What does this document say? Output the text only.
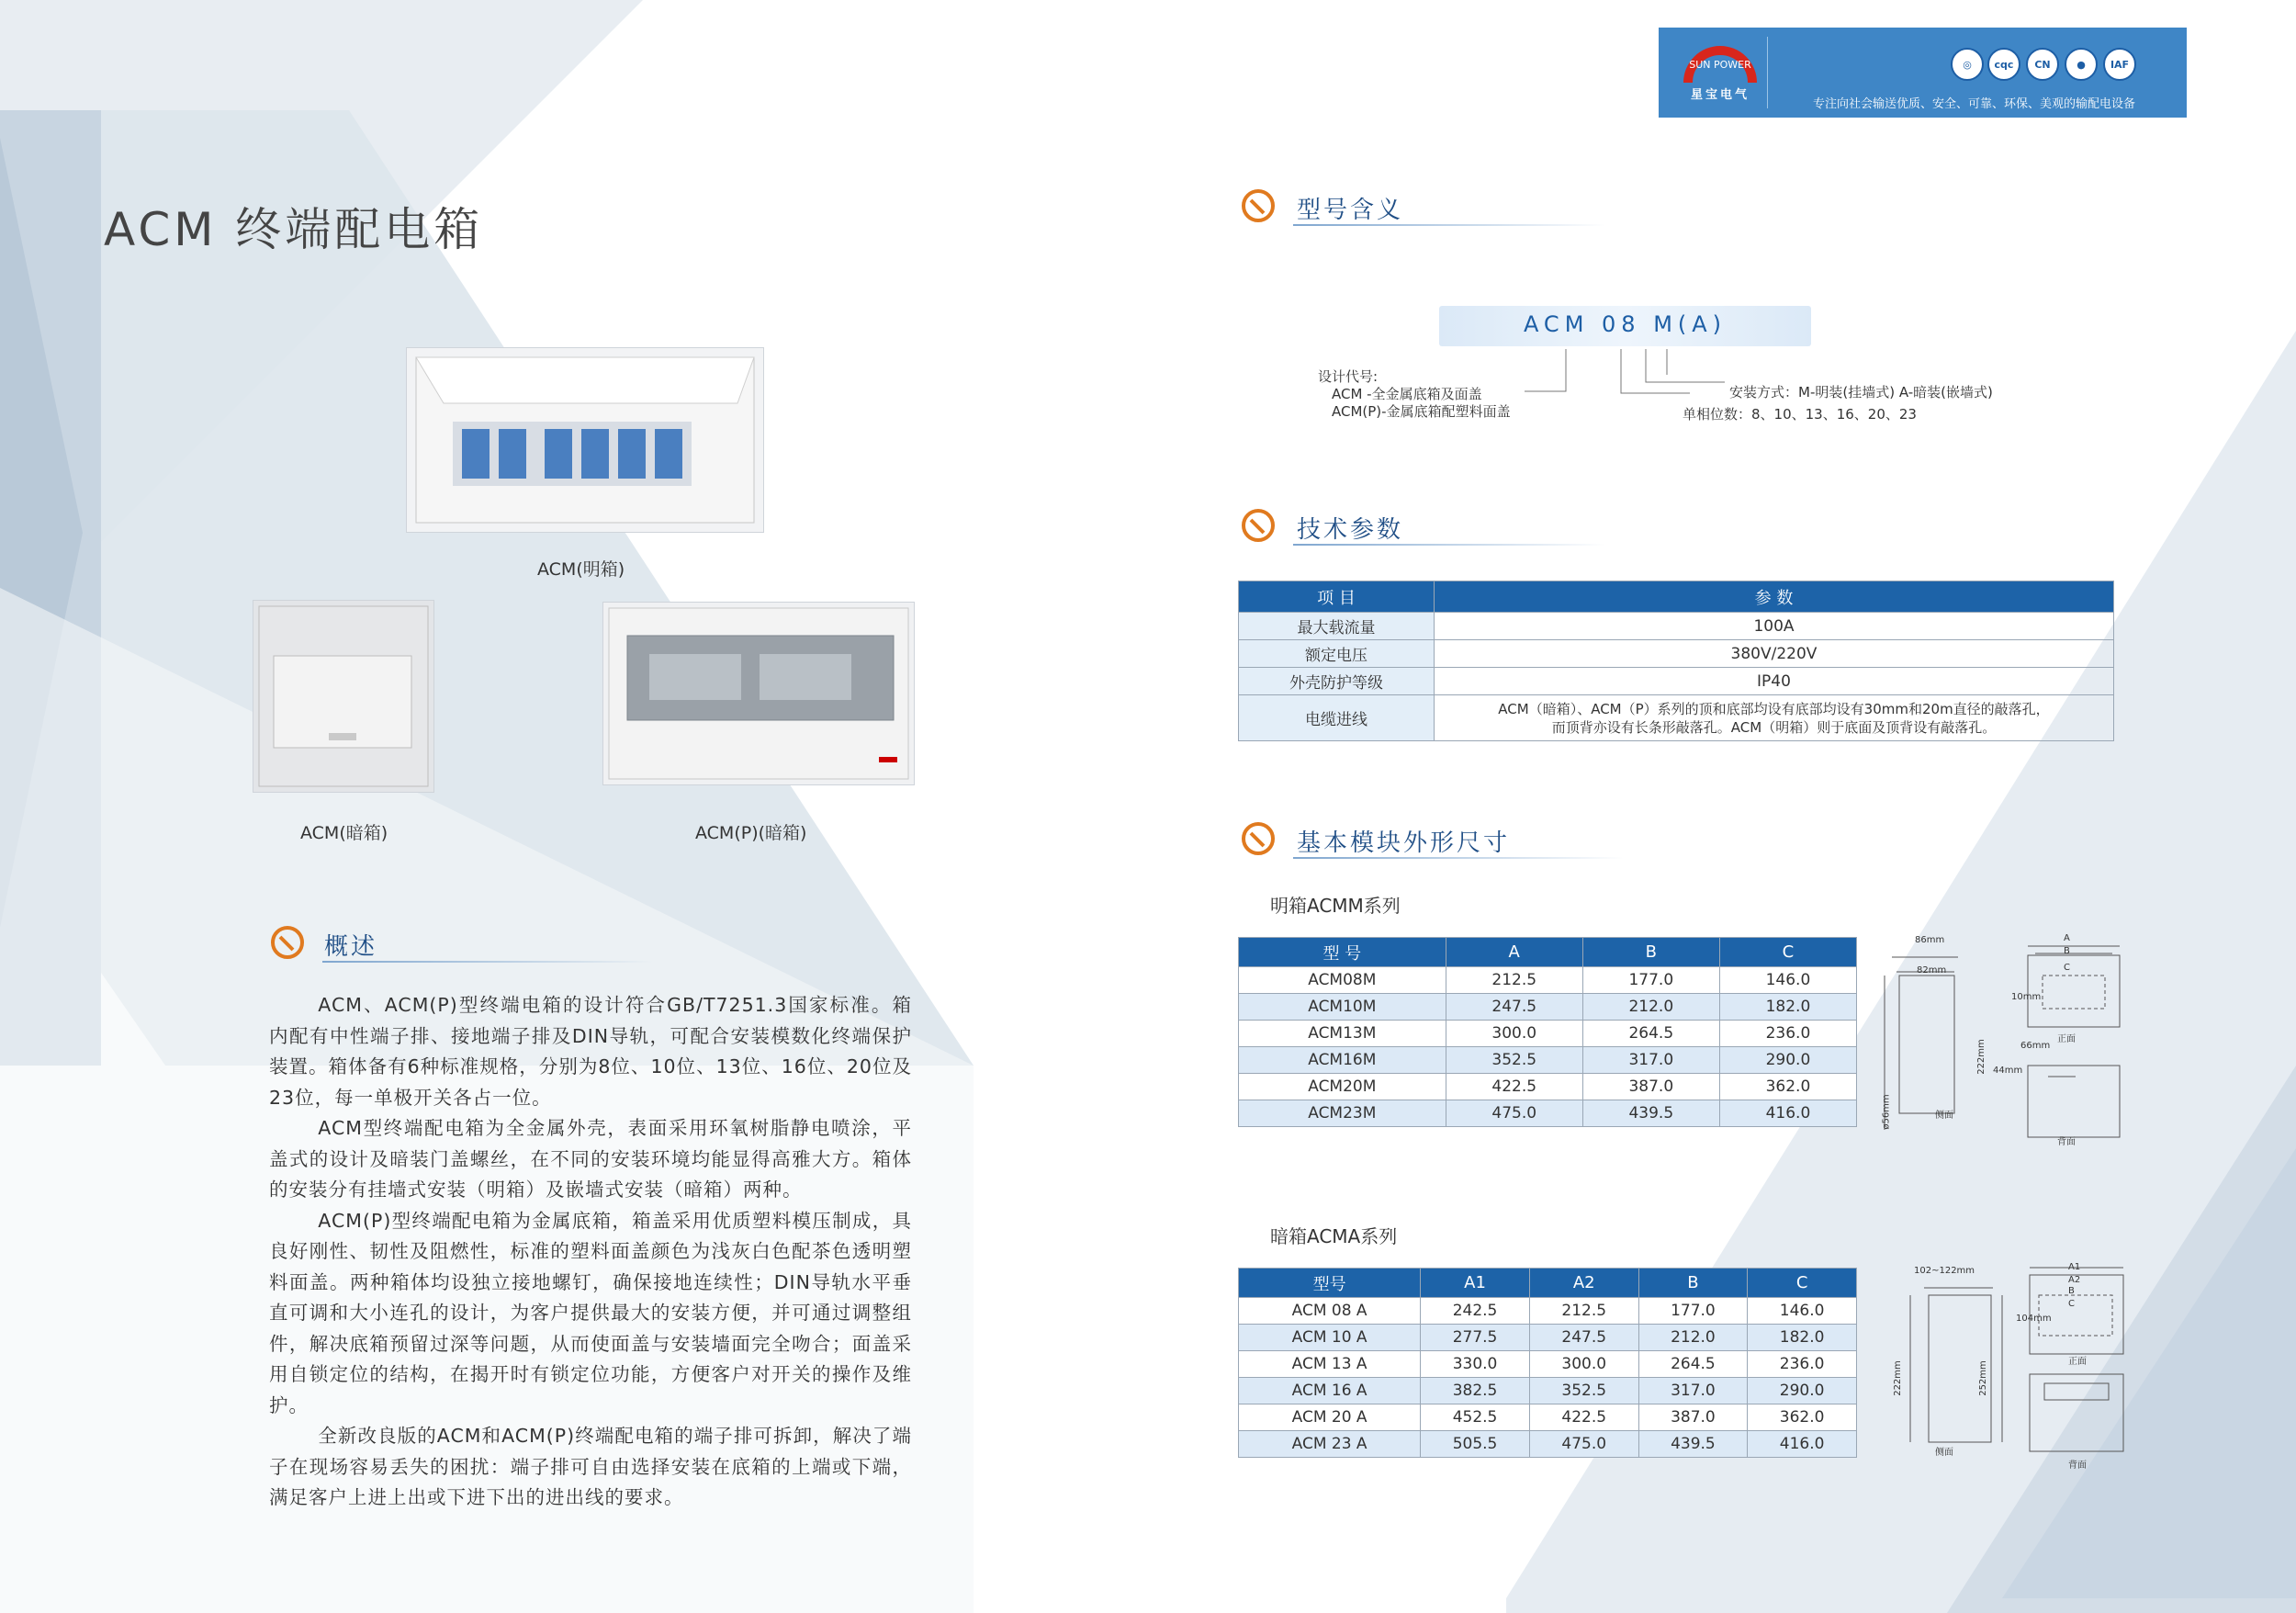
SUN POWER
星宝电气
◎	cqc	CN	●	IAF
专注向社会输送优质、安全、可靠、环保、美观的输配电设备
ACM 终端配电箱
ACM(明箱)
ACM(暗箱)	ACM(P)(暗箱)
概述

ACM、ACM(P)型终端电箱的设计符合GB/T7251.3国家标准。箱内配有中性端子排、接地端子排及DIN导轨，可配合安装模数化终端保护装置。箱体备有6种标准规格，分别为8位、10位、13位、16位、20位及23位，每一单极开关各占一位。

ACM型终端配电箱为全金属外壳，表面采用环氧树脂静电喷涂，平盖式的设计及暗装门盖螺丝，在不同的安装环境均能显得高雅大方。箱体的安装分有挂墙式安装（明箱）及嵌墙式安装（暗箱）两种。

ACM(P)型终端配电箱为金属底箱，箱盖采用优质塑料模压制成，具良好刚性、韧性及阻燃性，标准的塑料面盖颜色为浅灰白色配茶色透明塑料面盖。两种箱体均设独立接地螺钉，确保接地连续性；DIN导轨水平垂直可调和大小连孔的设计，为客户提供最大的安装方便，并可通过调整组件，解决底箱预留过深等问题，从而使面盖与安装墙面完全吻合；面盖采用自锁定位的结构，在揭开时有锁定位功能，方便客户对开关的操作及维护。

全新改良版的ACM和ACM(P)终端配电箱的端子排可拆卸，解决了端子在现场容易丢失的困扰：端子排可自由选择安装在底箱的上端或下端，满足客户上进上出或下进下出的进出线的要求。

型号含义
ACM 08 M(A)
设计代号:
ACM -全金属底箱及面盖
ACM(P)-金属底箱配塑料面盖
安装方式：M-明装(挂墙式) A-暗装(嵌墙式)
单相位数：8、10、13、16、20、23
技术参数
项 目	参 数
最大载流量	100A
额定电压	380V/220V
外壳防护等级	IP40
电缆进线	ACM（暗箱）、ACM（P）系列的顶和底部均设有底部均设有30mm和20m直径的敲落孔，
而顶背亦设有长条形敲落孔。ACM（明箱）则于底面及顶背设有敲落孔。
基本模块外形尺寸
明箱ACMM系列
型 号	A	B	C
ACM08M	212.5	177.0	146.0
ACM10M	247.5	212.0	182.0
ACM13M	300.0	264.5	236.0
ACM16M	352.5	317.0	290.0
ACM20M	422.5	387.0	362.0
ACM23M	475.0	439.5	416.0
86mm
82mm
222mm
ø56mm	侧面
A
B
C
正面
66mm
44mm
10mm
背面
暗箱ACMA系列
型号	A1	A2	B	C
ACM 08 A	242.5	212.5	177.0	146.0
ACM 10 A	277.5	247.5	212.0	182.0
ACM 13 A	330.0	300.0	264.5	236.0
ACM 16 A	382.5	352.5	317.0	290.0
ACM 20 A	452.5	422.5	387.0	362.0
ACM 23 A	505.5	475.0	439.5	416.0
102~122mm
222mm	252mm
侧面
A1
A2
B
C
104mm
正面
背面
